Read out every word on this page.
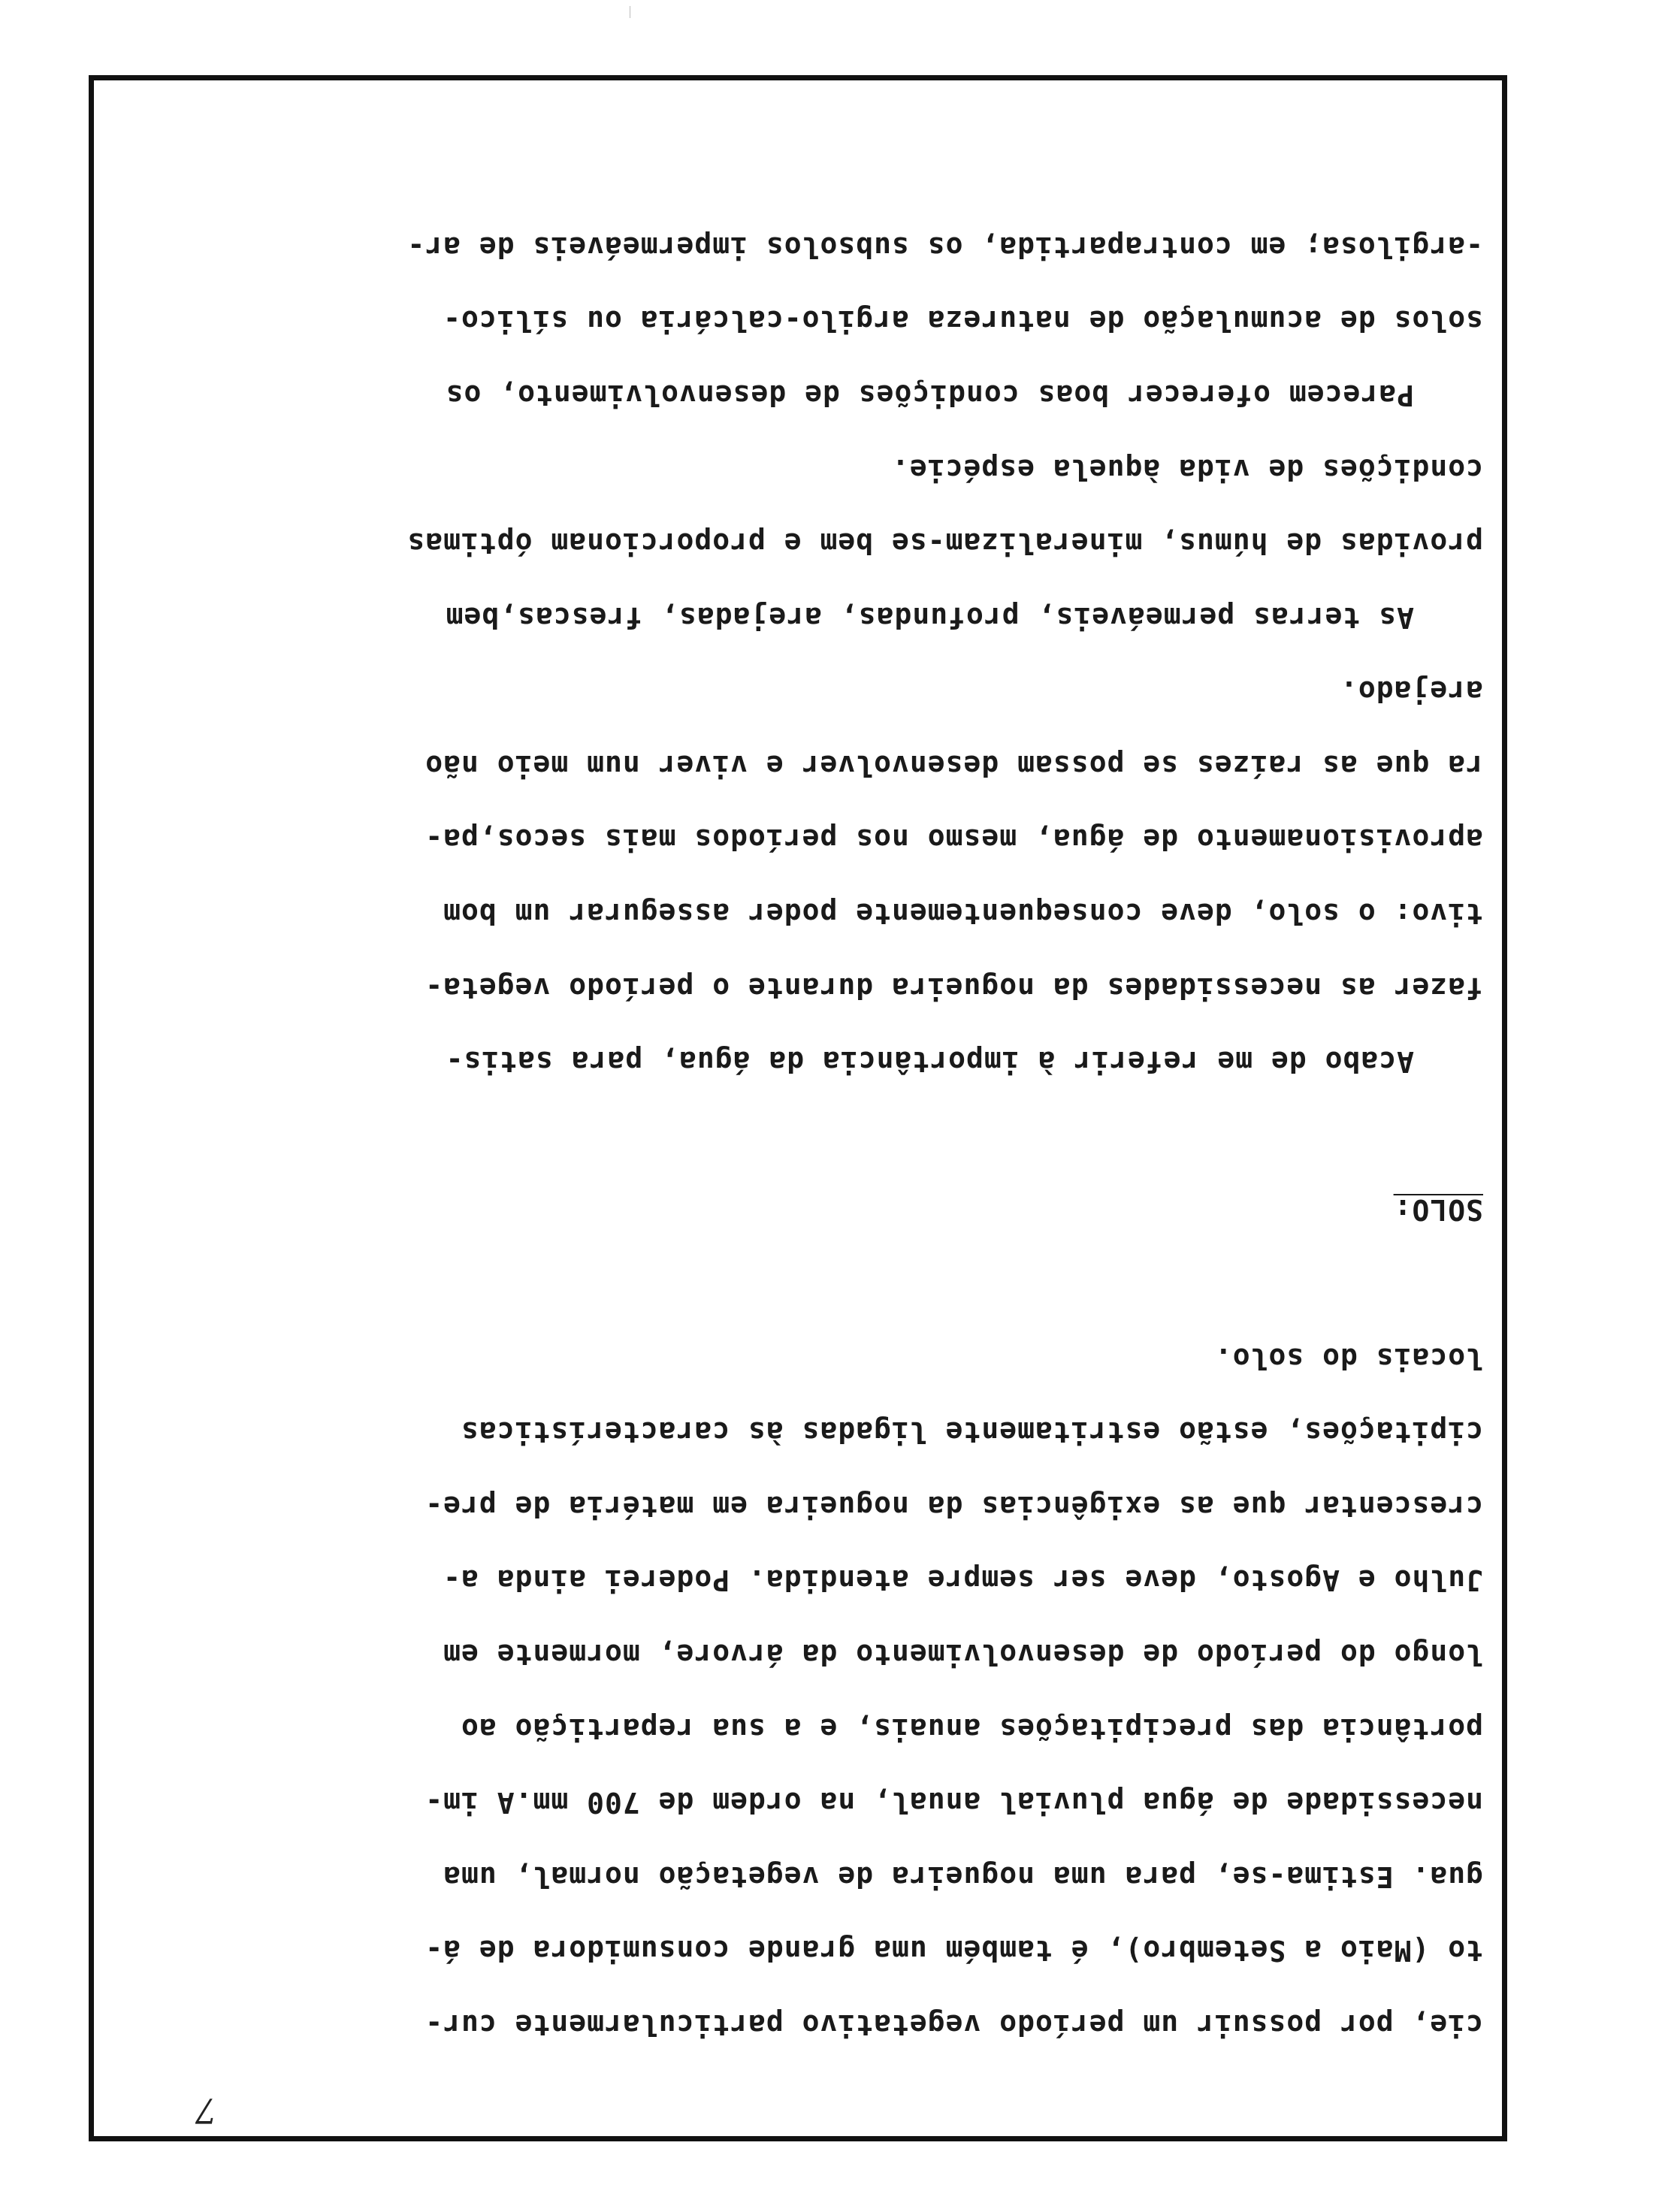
7
cie, por possuir um período vegetativo particularmente cur-
to (Maio a Setembro), é também uma grande consumidora de á-
gua. Estima-se, para uma nogueira de vegetação normal, uma
necessidade de água pluvial anual, na ordem de 700 mm.A im-
portância das precipitações anuais, e a sua repartição ao
longo do período de desenvolvimento da árvore, mormente em
Julho e Agosto, deve ser sempre atendida. Poderei ainda a-
crescentar que as exigências da nogueira em matéria de pre-
cipitações, estão estritamente ligadas às características
locais do solo.
SOLO:
Acabo de me referir à importância da água, para satis-
fazer as necessidades da nogueira durante o período vegeta-
tivo: o solo, deve consequentemente poder assegurar um bom
aprovisionamento de água, mesmo nos períodos mais secos,pa-
ra que as raízes se possam desenvolver e viver num meio não
arejado.
As terras permeáveis, profundas, arejadas, frescas,bem
providas de húmus, mineralizam-se bem e proporcionam óptimas
condições de vida àquela espécie.
Parecem oferecer boas condições de desenvolvimento, os
solos de acumulação de natureza argilo-calcária ou sílico-
-argilosa; em contrapartida, os subsolos impermeáveis de ar-
